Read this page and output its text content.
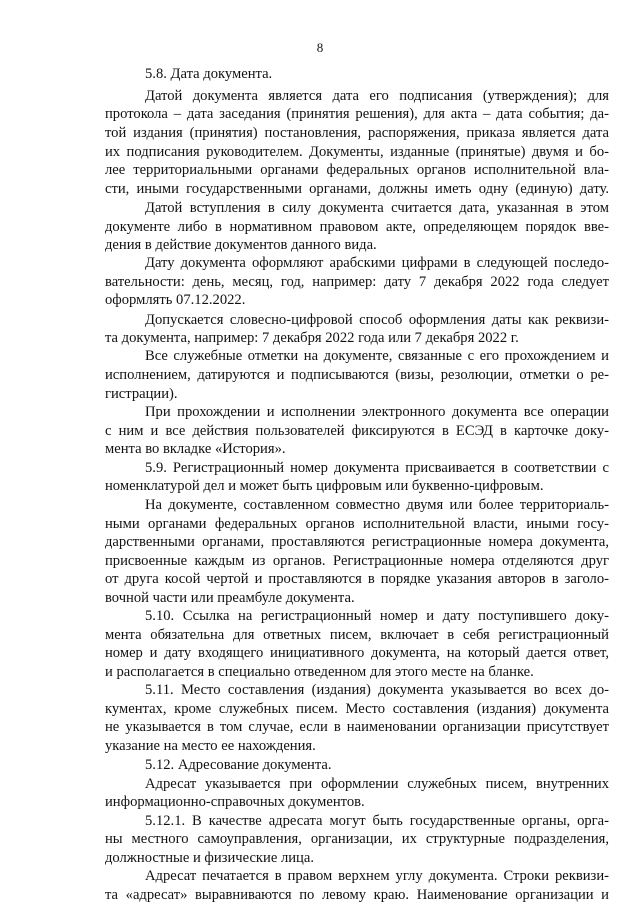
8
5.8. Дата документа.
Датой документа является дата его подписания (утверждения); для
протокола – дата заседания (принятия решения), для акта – дата события; да-
той издания (принятия) постановления, распоряжения, приказа является дата
их подписания руководителем. Документы, изданные (принятые) двумя и бо-
лее территориальными органами федеральных органов исполнительной вла-
сти, иными государственными органами, должны иметь одну (единую) дату.
Датой вступления в силу документа считается дата, указанная в этом
документе либо в нормативном правовом акте, определяющем порядок вве-
дения в действие документов данного вида.
Дату документа оформляют арабскими цифрами в следующей последо-
вательности: день, месяц, год, например: дату 7 декабря 2022 года следует
оформлять 07.12.2022.
Допускается словесно-цифровой способ оформления даты как реквизи-
та документа, например: 7 декабря 2022 года или 7 декабря 2022 г.
Все служебные отметки на документе, связанные с его прохождением и
исполнением, датируются и подписываются (визы, резолюции, отметки о ре-
гистрации).
При прохождении и исполнении электронного документа все операции
с ним и все действия пользователей фиксируются в ЕСЭД в карточке доку-
мента во вкладке «История».
5.9. Регистрационный номер документа присваивается в соответствии с
номенклатурой дел и может быть цифровым или буквенно-цифровым.
На документе, составленном совместно двумя или более территориаль-
ными органами федеральных органов исполнительной власти, иными госу-
дарственными органами, проставляются регистрационные номера документа,
присвоенные каждым из органов. Регистрационные номера отделяются друг
от друга косой чертой и проставляются в порядке указания авторов в заголо-
вочной части или преамбуле документа.
5.10. Ссылка на регистрационный номер и дату поступившего доку-
мента обязательна для ответных писем, включает в себя регистрационный
номер и дату входящего инициативного документа, на который дается ответ,
и располагается в специально отведенном для этого месте на бланке.
5.11. Место составления (издания) документа указывается во всех до-
кументах, кроме служебных писем. Место составления (издания) документа
не указывается в том случае, если в наименовании организации присутствует
указание на место ее нахождения.
5.12. Адресование документа.
Адресат указывается при оформлении служебных писем, внутренних
информационно-справочных документов.
5.12.1. В качестве адресата могут быть государственные органы, орга-
ны местного самоуправления, организации, их структурные подразделения,
должностные и физические лица.
Адресат печатается в правом верхнем углу документа. Строки реквизи-
та «адресат» выравниваются по левому краю. Наименование организации и
